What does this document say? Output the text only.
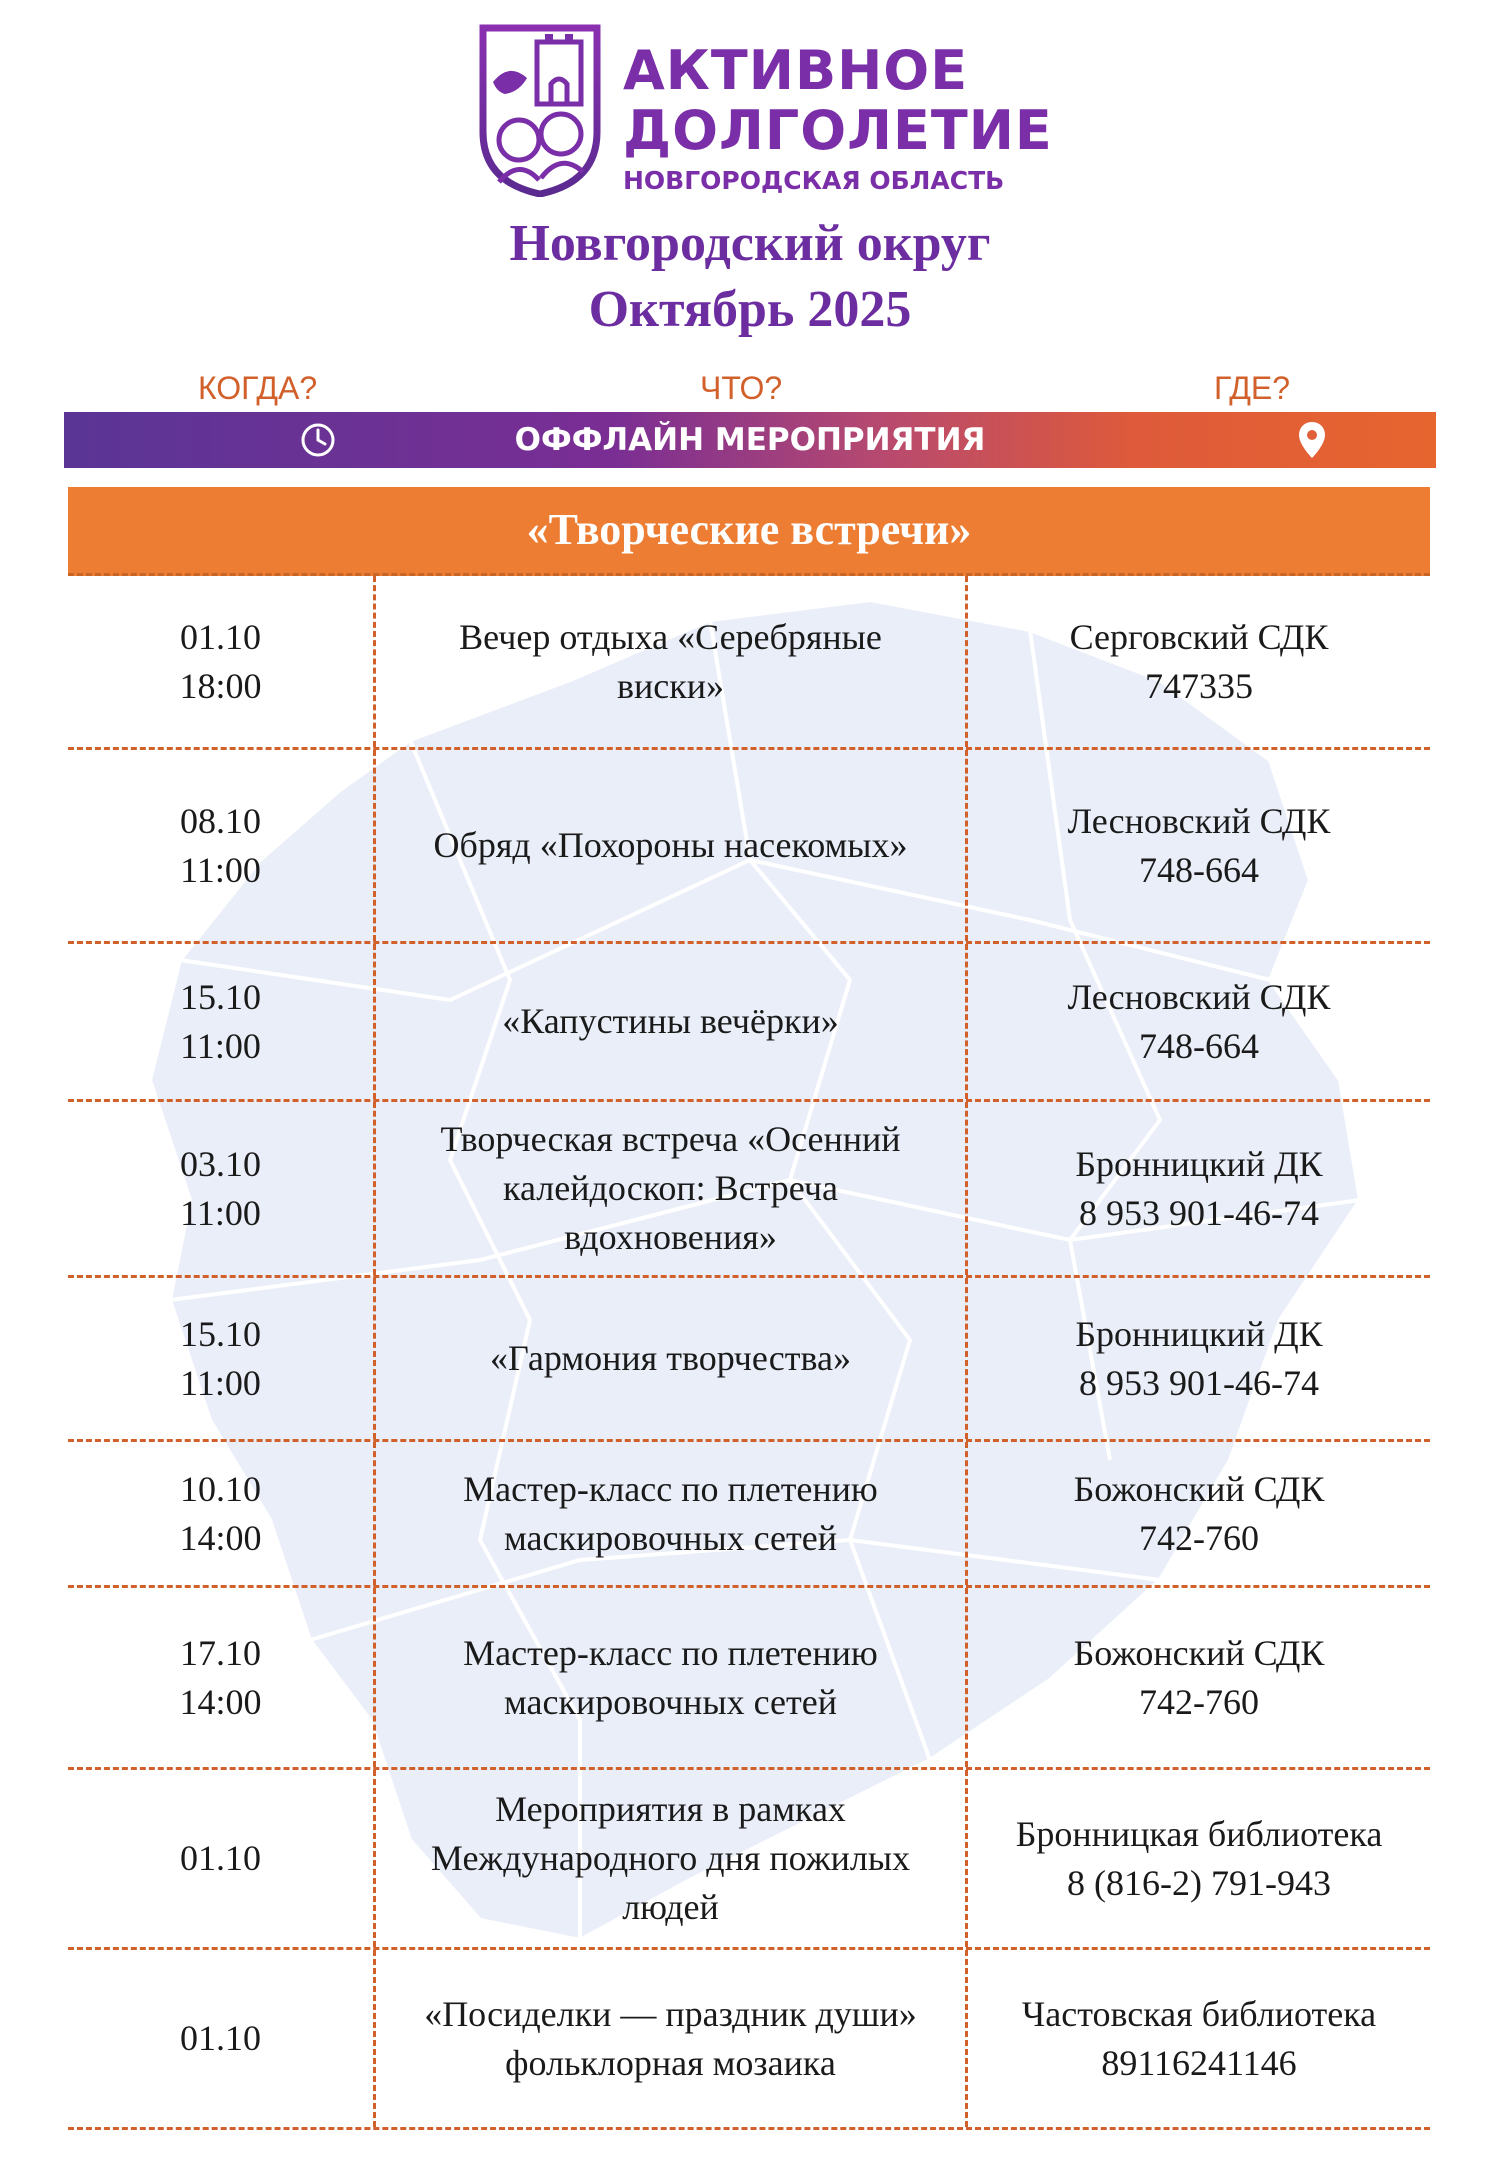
АКТИВНОЕ
ДОЛГОЛЕТИЕ
НОВГОРОДСКАЯ ОБЛАСТЬ
Новгородский округ
Октябрь 2025
КОГДА?	ЧТО?	ГДЕ?
ОФФЛАЙН МЕРОПРИЯТИЯ
«Творческие встречи»
01.10
18:00
Вечер отдыха «Серебряные
виски»
Серговский СДК
747335
08.10
11:00
Обряд «Похороны насекомых»
Лесновский СДК
748-664
15.10
11:00
«Капустины вечёрки»
Лесновский СДК
748-664
03.10
11:00
Творческая встреча «Осенний
калейдоскоп: Встреча
вдохновения»
Бронницкий ДК
8 953 901-46-74
15.10
11:00
«Гармония творчества»
Бронницкий ДК
8 953 901-46-74
10.10
14:00
Мастер-класс по плетению
маскировочных сетей
Божонский СДК
742-760
17.10
14:00
Мастер-класс по плетению
маскировочных сетей
Божонский СДК
742-760
01.10
Мероприятия в рамках
Международного дня пожилых
людей
Бронницкая библиотека
8 (816-2) 791-943
01.10
«Посиделки — праздник души»
фольклорная мозаика
Частовская библиотека
89116241146
